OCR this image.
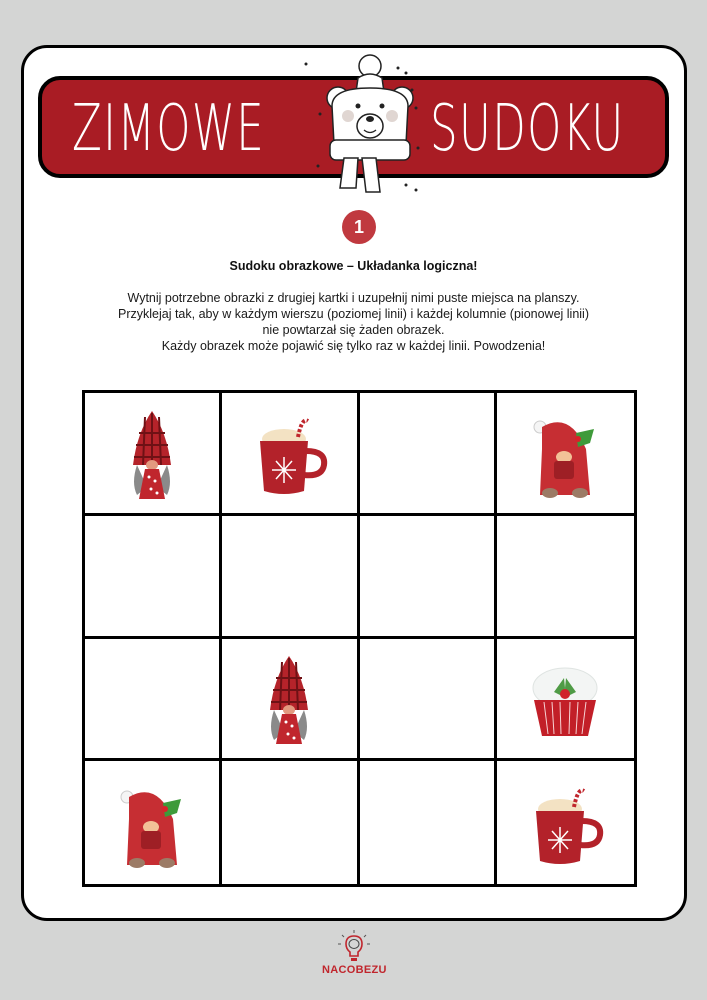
ZIMOWE	SUDOKU
1
Sudoku obrazkowe – Układanka logiczna!
Wytnij potrzebne obrazki z drugiej kartki i uzupełnij nimi puste miejsca na planszy.
Przyklejaj tak, aby w każdym wierszu (poziomej linii) i każdej kolumnie (pionowej linii)
nie powtarzał się żaden obrazek.
Każdy obrazek może pojawić się tylko raz w każdej linii. Powodzenia!
NACOBEZU
